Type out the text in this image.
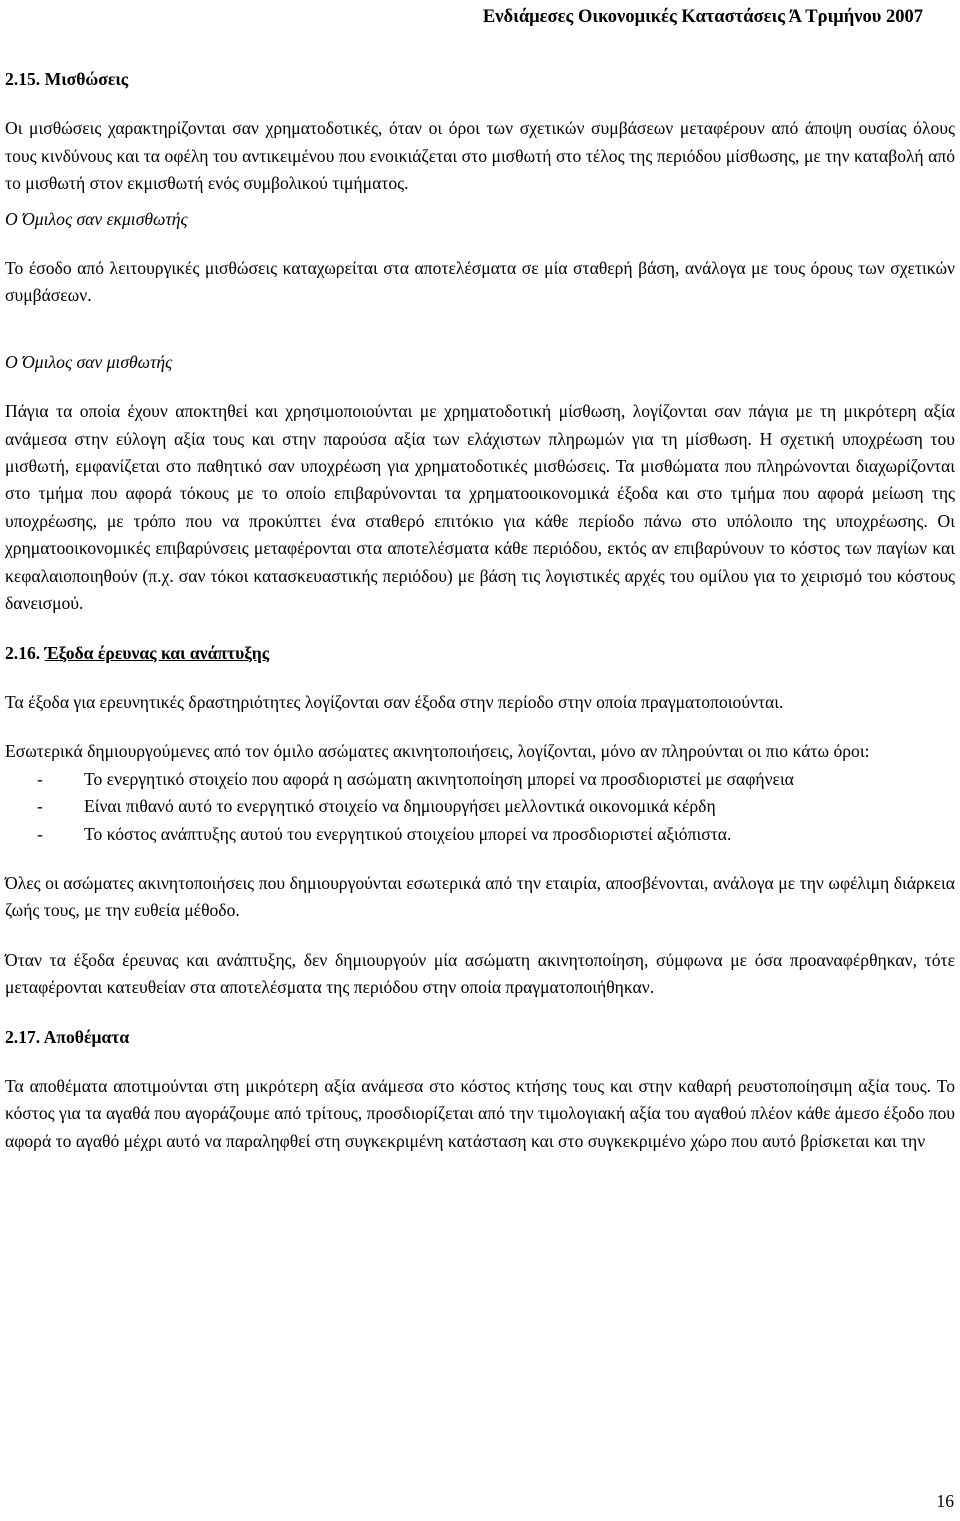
Ενδιάμεσες Οικονομικές Καταστάσεις Ά Τριμήνου 2007
2.15. Μισθώσεις

Οι μισθώσεις χαρακτηρίζονται σαν χρηματοδοτικές, όταν οι όροι των σχετικών συμβάσεων μεταφέρουν από άποψη ουσίας όλους τους κινδύνους και τα οφέλη του αντικειμένου που ενοικιάζεται στο μισθωτή στο τέλος της περιόδου μίσθωσης, με την καταβολή από το μισθωτή στον εκμισθωτή ενός συμβολικού τιμήματος.

Ο Όμιλος σαν εκμισθωτής

Το έσοδο από λειτουργικές μισθώσεις καταχωρείται στα αποτελέσματα σε μία σταθερή βάση, ανάλογα με τους όρους των σχετικών συμβάσεων.

Ο Όμιλος σαν μισθωτής

Πάγια τα οποία έχουν αποκτηθεί και χρησιμοποιούνται με χρηματοδοτική μίσθωση, λογίζονται σαν πάγια με τη μικρότερη αξία ανάμεσα στην εύλογη αξία τους και στην παρούσα αξία των ελάχιστων πληρωμών για τη μίσθωση. Η σχετική υποχρέωση του μισθωτή, εμφανίζεται στο παθητικό σαν υποχρέωση για χρηματοδοτικές μισθώσεις. Τα μισθώματα που πληρώνονται διαχωρίζονται στο τμήμα που αφορά τόκους με το οποίο επιβαρύνονται τα χρηματοοικονομικά έξοδα και στο τμήμα που αφορά μείωση της υποχρέωσης, με τρόπο που να προκύπτει ένα σταθερό επιτόκιο για κάθε περίοδο πάνω στο υπόλοιπο της υποχρέωσης. Οι χρηματοοικονομικές επιβαρύνσεις μεταφέρονται στα αποτελέσματα κάθε περιόδου, εκτός αν επιβαρύνουν το κόστος των παγίων και κεφαλαιοποιηθούν (π.χ. σαν τόκοι κατασκευαστικής περιόδου) με βάση τις λογιστικές αρχές του ομίλου για το χειρισμό του κόστους δανεισμού.

2.16. Έξοδα έρευνας και ανάπτυξης

Τα έξοδα για ερευνητικές δραστηριότητες λογίζονται σαν έξοδα στην περίοδο στην οποία πραγματοποιούνται.

Εσωτερικά δημιουργούμενες από τον όμιλο ασώματες ακινητοποιήσεις, λογίζονται, μόνο αν πληρούνται οι πιο κάτω όροι:

- Το ενεργητικό στοιχείο που αφορά η ασώματη ακινητοποίηση μπορεί να προσδιοριστεί με σαφήνεια
- Είναι πιθανό αυτό το ενεργητικό στοιχείο να δημιουργήσει μελλοντικά οικονομικά κέρδη
- Το κόστος ανάπτυξης αυτού του ενεργητικού στοιχείου μπορεί να προσδιοριστεί αξιόπιστα.

Όλες οι ασώματες ακινητοποιήσεις που δημιουργούνται εσωτερικά από την εταιρία, αποσβένονται, ανάλογα με την ωφέλιμη διάρκεια ζωής τους, με την ευθεία μέθοδο.

Όταν τα έξοδα έρευνας και ανάπτυξης, δεν δημιουργούν μία ασώματη ακινητοποίηση, σύμφωνα με όσα προαναφέρθηκαν, τότε μεταφέρονται κατευθείαν στα αποτελέσματα της περιόδου στην οποία πραγματοποιήθηκαν.

2.17. Αποθέματα

Τα αποθέματα αποτιμούνται στη μικρότερη αξία ανάμεσα στο κόστος κτήσης τους και στην καθαρή ρευστοποίησιμη αξία τους. Το κόστος για τα αγαθά που αγοράζουμε από τρίτους, προσδιορίζεται από την τιμολογιακή αξία του αγαθού πλέον κάθε άμεσο έξοδο που αφορά το αγαθό μέχρι αυτό να παραληφθεί στη συγκεκριμένη κατάσταση και στο συγκεκριμένο χώρο που αυτό βρίσκεται και την

16
